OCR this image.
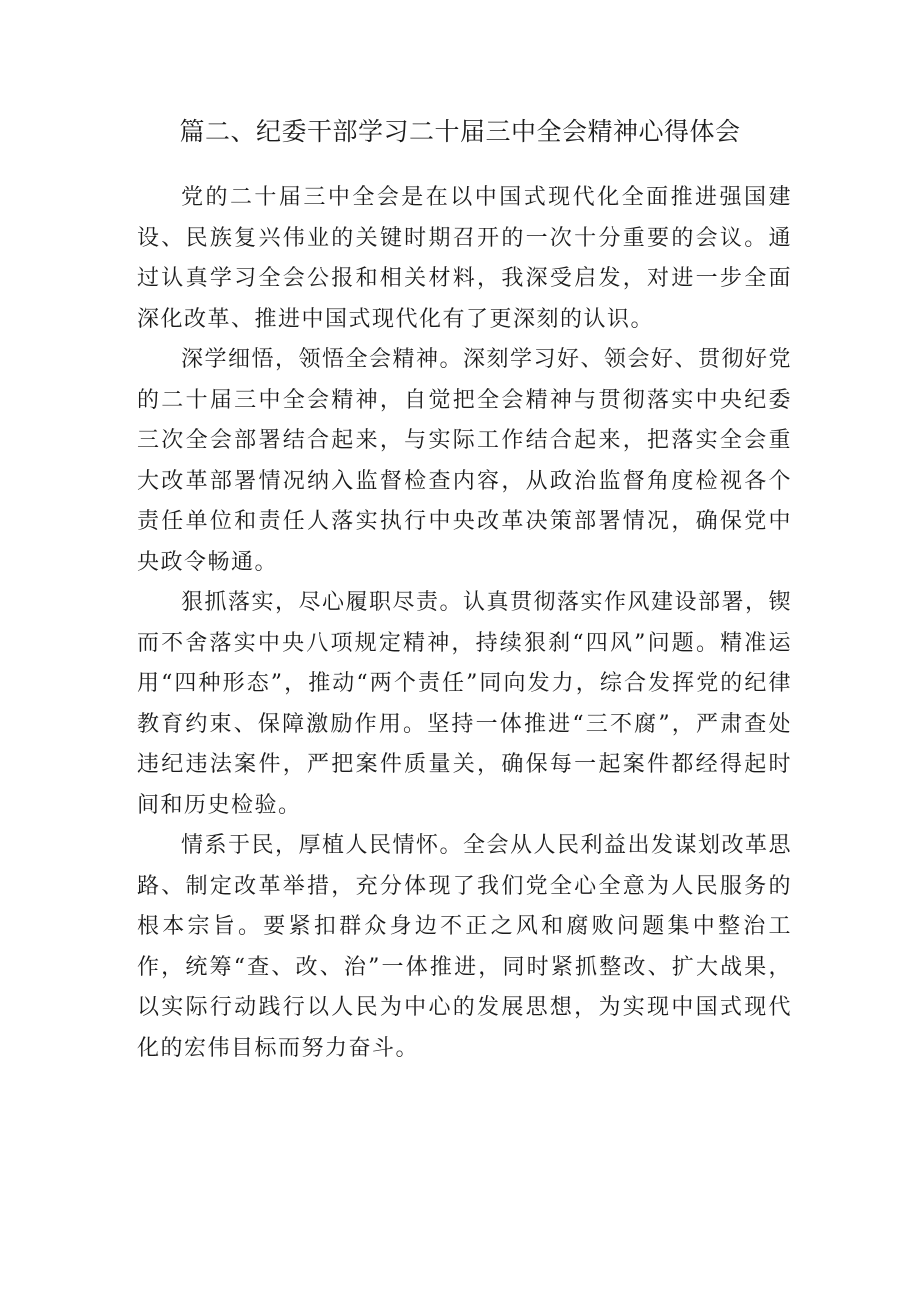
篇二、纪委干部学习二十届三中全会精神心得体会

党的二十届三中全会是在以中国式现代化全面推进强国建设、民族复兴伟业的关键时期召开的一次十分重要的会议。通过认真学习全会公报和相关材料，我深受启发，对进一步全面深化改革、推进中国式现代化有了更深刻的认识。

深学细悟，领悟全会精神。深刻学习好、领会好、贯彻好党的二十届三中全会精神，自觉把全会精神与贯彻落实中央纪委三次全会部署结合起来，与实际工作结合起来，把落实全会重大改革部署情况纳入监督检查内容，从政治监督角度检视各个责任单位和责任人落实执行中央改革决策部署情况，确保党中央政令畅通。

狠抓落实，尽心履职尽责。认真贯彻落实作风建设部署，锲而不舍落实中央八项规定精神，持续狠刹“四风”问题。精准运用“四种形态”，推动“两个责任”同向发力，综合发挥党的纪律教育约束、保障激励作用。坚持一体推进“三不腐”，严肃查处违纪违法案件，严把案件质量关，确保每一起案件都经得起时间和历史检验。

情系于民，厚植人民情怀。全会从人民利益出发谋划改革思路、制定改革举措，充分体现了我们党全心全意为人民服务的根本宗旨。要紧扣群众身边不正之风和腐败问题集中整治工作，统筹“查、改、治”一体推进，同时紧抓整改、扩大战果，以实际行动践行以人民为中心的发展思想，为实现中国式现代化的宏伟目标而努力奋斗。
